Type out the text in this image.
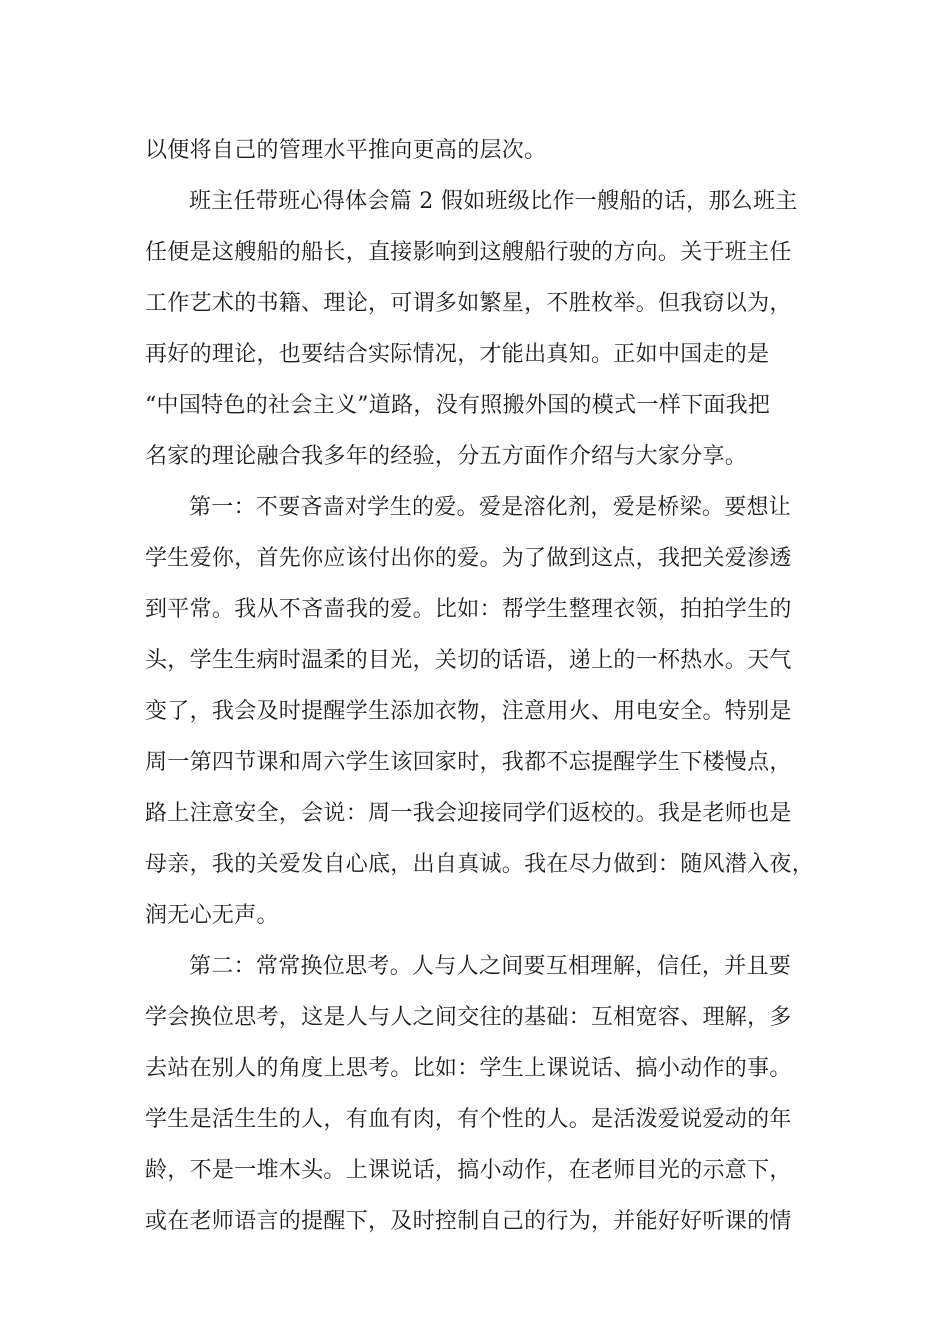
以便将自己的管理水平推向更高的层次。
班主任带班心得体会篇 2 假如班级比作一艘船的话，那么班主
任便是这艘船的船长，直接影响到这艘船行驶的方向。关于班主任
工作艺术的书籍、理论，可谓多如繁星，不胜枚举。但我窃以为，
再好的理论，也要结合实际情况，才能出真知。正如中国走的是
“中国特色的社会主义”道路，没有照搬外国的模式一样下面我把
名家的理论融合我多年的经验，分五方面作介绍与大家分享。
第一：不要吝啬对学生的爱。爱是溶化剂，爱是桥梁。要想让
学生爱你，首先你应该付出你的爱。为了做到这点，我把关爱渗透
到平常。我从不吝啬我的爱。比如：帮学生整理衣领，拍拍学生的
头，学生生病时温柔的目光，关切的话语，递上的一杯热水。天气
变了，我会及时提醒学生添加衣物，注意用火、用电安全。特别是
周一第四节课和周六学生该回家时，我都不忘提醒学生下楼慢点，
路上注意安全，会说：周一我会迎接同学们返校的。我是老师也是
母亲，我的关爱发自心底，出自真诚。我在尽力做到：随风潜入夜，
润无心无声。
第二：常常换位思考。人与人之间要互相理解，信任，并且要
学会换位思考，这是人与人之间交往的基础：互相宽容、理解，多
去站在别人的角度上思考。比如：学生上课说话、搞小动作的事。
学生是活生生的人，有血有肉，有个性的人。是活泼爱说爱动的年
龄，不是一堆木头。上课说话，搞小动作，在老师目光的示意下，
或在老师语言的提醒下，及时控制自己的行为，并能好好听课的情
